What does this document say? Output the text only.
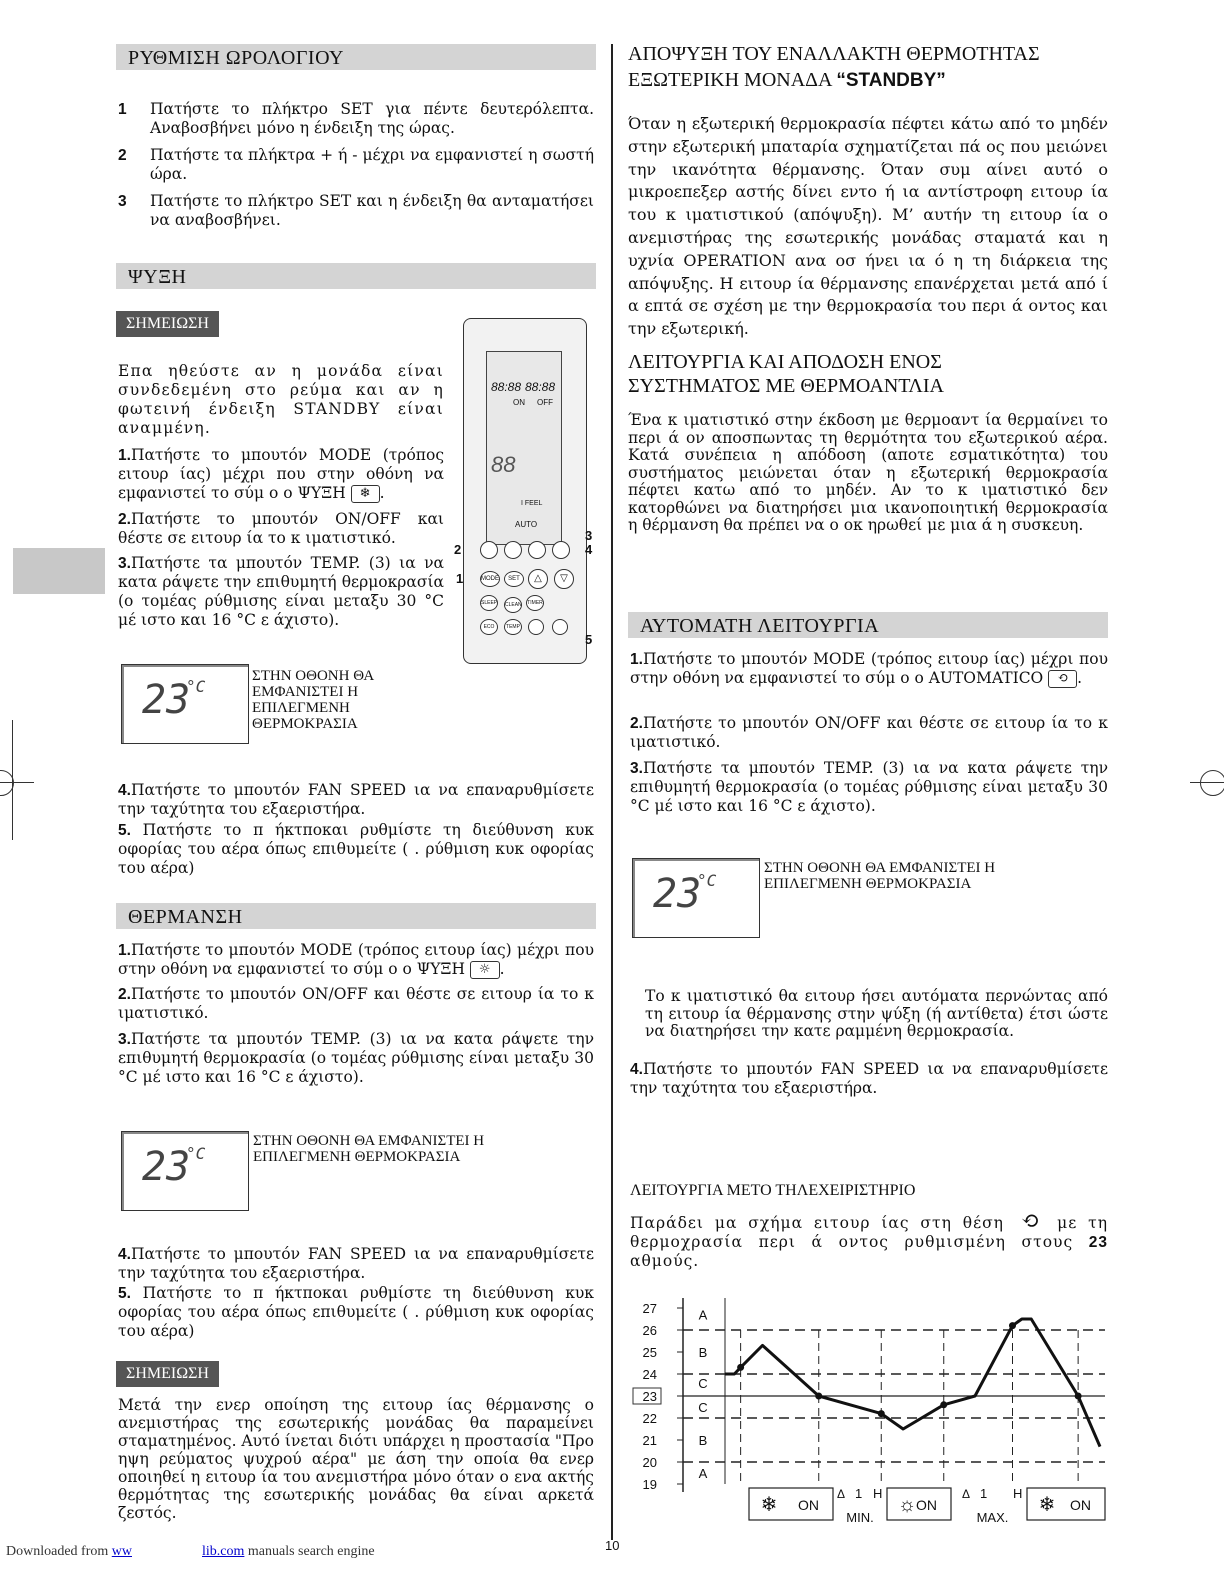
ΡΥΘΜΙΣΗ ΩΡΟΛΟΓΙΟΥ
1 Πατήστε το πλήκτρο SET για πέντε δευτερόλεπτα. Αναβοσβήνει μόνο η ένδειξη της ώρας.
2 Πατήστε τα πλήκτρα + ή - μέχρι να εμφανιστεί η σωστή ώρα.
3 Πατήστε το πλήκτρο SET και η ένδειξη θα ανταματήσει να αναβοσβήνει.
ΨΥΞΗ
ΣΗΜΕΙΩΣΗ
Επα ηθεύστε αν η μονάδα είναι συνδεδεμένη στο ρεύμα και αν η φωτεινή ένδειξη STANDBY είναι αναμμένη.
1.Πατήστε το μπουτόν MODE (τρόπος ειτουρ ίας) μέχρι που στην οθόνη να εμφανιστεί το σύμ ο ο ΨΥΞΗ ❄ .
2.Πατήστε το μπουτόν ON/OFF και θέστε σε ειτουρ ία το κ ιματιστικό.
3.Πατήστε τα μπουτόν TEMP. (3) ια να κατα ράψετε την επιθυμητή θερμοκρασία (ο τομέας ρύθμισης είναι μεταξυ 30 °C μέ ιστο και 16 °C ε άχιστο).
88:88 88:88
ON OFF
88
I FEEL
AUTO
MODE	SET	△	▽
SLEEP CLEAN TIMER
ECO	TEMP
2
1
3
4
5
23
°C
ΣΤΗΝ ΟΘΟΝΗ ΘΑ ΕΜΦΑΝΙΣΤΕΙ Η ΕΠΙΛΕΓΜΕΝΗ ΘΕΡΜΟΚΡΑΣΙΑ
4.Πατήστε το μπουτόν FAN SPEED ια να επαναρυθμίσετε την ταχύτητα του εξαεριστήρα.
5. Πατήστε το π ήκτποκαι ρυθμίστε τη διεύθυνση κυκ οφορίας του αέρα όπως επιθυμείτε ( . ρύθμιση κυκ οφορίας του αέρα)
ΘΕΡΜΑΝΣΗ
1.Πατήστε το μπουτόν MODE (τρόπος ειτουρ ίας) μέχρι που στην οθόνη να εμφανιστεί το σύμ ο ο ΨΥΞΗ ☼ .
2.Πατήστε το μπουτόν ON/OFF και θέστε σε ειτουρ ία το κ ιματιστικό.
3.Πατήστε τα μπουτόν TEMP. (3) ια να κατα ράψετε την επιθυμητή θερμοκρασία (ο τομέας ρύθμισης είναι μεταξυ 30 °C μέ ιστο και 16 °C ε άχιστο).
23
°C
ΣΤΗΝ ΟΘΟΝΗ ΘΑ ΕΜΦΑΝΙΣΤΕΙ Η ΕΠΙΛΕΓΜΕΝΗ ΘΕΡΜΟΚΡΑΣΙΑ
4.Πατήστε το μπουτόν FAN SPEED ια να επαναρυθμίσετε την ταχύτητα του εξαεριστήρα.
5. Πατήστε το π ήκτποκαι ρυθμίστε τη διεύθυνση κυκ οφορίας του αέρα όπως επιθυμείτε ( . ρύθμιση κυκ οφορίας του αέρα)
ΣΗΜΕΙΩΣΗ
Μετά την ενερ οποίηση της ειτουρ ίας θέρμανσης ο ανεμιστήρας της εσωτερικής μονάδας θα παραμείνει σταματημένος. Αυτό ίνεται διότι υπάρχει η προστασία "Προ ηψη ρεύματος ψυχρού αέρα" με άση την οποία θα ενερ οποιηθεί η ειτουρ ία του ανεμιστήρα μόνο όταν ο ενα ακτής θερμότητας της εσωτερικής μονάδας θα είναι αρκετά ζεστός.
ΑΠΟΨΥΞΗ ΤΟΥ ΕΝΑΛΛΑΚΤΗ ΘΕΡΜΟΤΗΤΑΣ
ΕΞΩΤΕΡΙΚΗ ΜΟΝΑΔΑ “STANDBY”
Όταν η εξωτερική θερμοκρασία πέφτει κάτω από το μηδέν στην εξωτερική μπαταρία σχηματίζεται πά ος που μειώνει την ικανότητα θέρμανσης. Όταν συμ αίνει αυτό ο μικροεπεξερ αστής δίνει εντο ή ια αντίστροφη ειτουρ ία του κ ιματιστικού (απόψυξη). Μ’ αυτήν τη ειτουρ ία ο ανεμιστήρας της εσωτερικής μονάδας σταματά και η υχνία OPERATION ανα οσ ήνει ια ό η τη διάρκεια της απόψυξης. Η ειτουρ ία θέρμανσης επανέρχεται μετά από ί α επτά σε σχέση με την θερμοκρασία του περι ά οντος και την εξωτερική.
ΛΕΙΤΟΥΡΓΙΑ ΚΑΙ ΑΠΟΔΟΣΗ ΕΝΟΣ
ΣΥΣΤΗΜΑΤΟΣ ΜΕ ΘΕΡΜΟΑΝΤΛΙΑ
Ένα κ ιματιστικό στην έκδοση με θερμοαντ ία θερμαίνει το περι ά ον αποσπωντας τη θερμότητα του εξωτερικού αέρα. Κατά συνέπεια η απόδοση (αποτε εσματικότητα) του συστήματος μειώνεται όταν η εξωτερική θερμοκρασία πέφτει κατω από το μηδέν. Αν το κ ιματιστικό δεν κατορθώνει να διατηρήσει μια ικανοποιητική θερμοκρασία η θέρμανση θα πρέπει να ο οκ ηρωθεί με μια ά η συσκευη.
ΑΥΤΟΜΑΤΗ ΛΕΙΤΟΥΡΓΙΑ
1.Πατήστε το μπουτόν MODE (τρόπος ειτουρ ίας) μέχρι που στην οθόνη να εμφανιστεί το σύμ ο ο AUTOMATICO ⟲ .
2.Πατήστε το μπουτόν ON/OFF και θέστε σε ειτουρ ία το κ ιματιστικό.
3.Πατήστε τα μπουτόν TEMP. (3) ια να κατα ράψετε την επιθυμητή θερμοκρασία (ο τομέας ρύθμισης είναι μεταξυ 30 °C μέ ιστο και 16 °C ε άχιστο).
23
°C
ΣΤΗΝ ΟΘΟΝΗ ΘΑ ΕΜΦΑΝΙΣΤΕΙ Η ΕΠΙΛΕΓΜΕΝΗ ΘΕΡΜΟΚΡΑΣΙΑ
Το κ ιματιστικό θα ειτουρ ήσει αυτόματα περνώντας από τη ειτουρ ία θέρμανσης στην ψύξη (ή αντίθετα) έτσι ώστε να διατηρήσει την κατε ραμμένη θερμοκρασία.
4.Πατήστε το μπουτόν FAN SPEED ια να επαναρυθμίσετε την ταχύτητα του εξαεριστήρα.
ΛΕΙΤΟΥΡΓΙΑ ΜΕΤΟ ΤΗΛΕΧΕΙΡΙΣΤΗΡΙΟ
Παράδει μα σχήμα ειτουρ ίας στη θέση ⟲ με τη θερμοχρασία περι ά οντος ρυθμισμένη στους 23 αθμούς.
27
26
25
24
23
22
21
20
19
A
B
C
C
B
A
❄ ON	☼ ON	❄ ON
Δ 1 H
MIN.
Δ 1 H
MAX.
Downloaded from ww	lib.com manuals search engine	10
